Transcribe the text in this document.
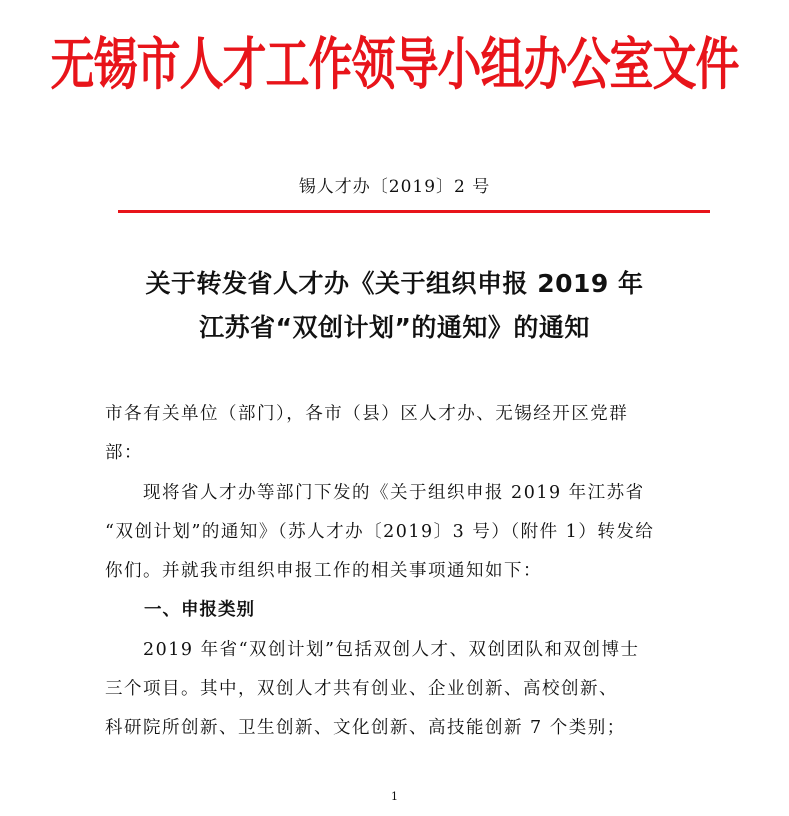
无锡市人才工作领导小组办公室文件
锡人才办〔2019〕2 号
关于转发省人才办《关于组织申报 2019 年
江苏省“双创计划”的通知》的通知
市各有关单位（部门），各市（县）区人才办、无锡经开区党群
部：
　　现将省人才办等部门下发的《关于组织申报 2019 年江苏省
“双创计划”的通知》（苏人才办〔2019〕3 号）（附件 1）转发给
你们。并就我市组织申报工作的相关事项通知如下：
一、申报类别
　　2019 年省“双创计划”包括双创人才、双创团队和双创博士
三个项目。其中，双创人才共有创业、企业创新、高校创新、
科研院所创新、卫生创新、文化创新、高技能创新 7 个类别；
1
